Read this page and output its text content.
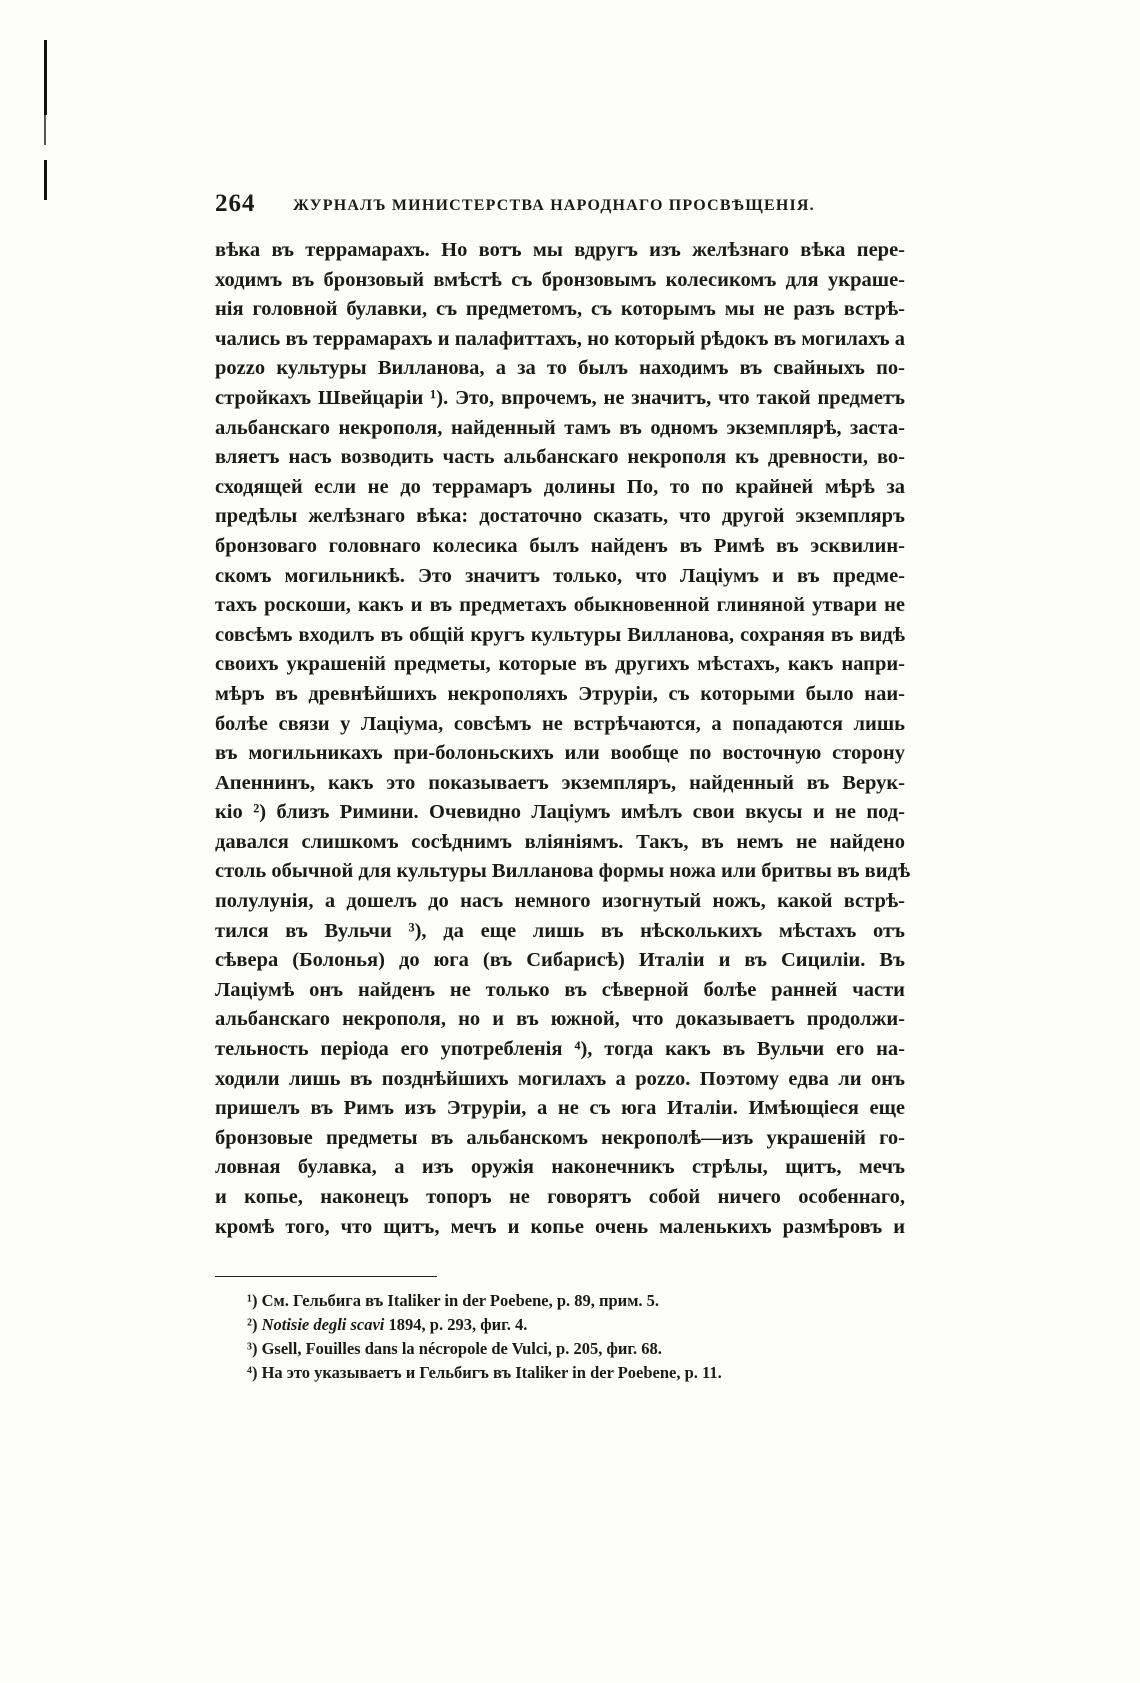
264 ЖУРНАЛЪ МИНИСТЕРСТВА НАРОДНАГО ПРОСВѢЩЕНІЯ.
вѣка въ террамарахъ. Но вотъ мы вдругъ изъ желѣзнаго вѣка пере-
ходимъ въ бронзовый вмѣстѣ съ бронзовымъ колесикомъ для украше-
нія головной булавки, съ предметомъ, съ которымъ мы не разъ встрѣ-
чались въ террамарахъ и палафиттахъ, но который рѣдокъ въ могилахъ а
pozzo культуры Вилланова, а за то былъ находимъ въ свайныхъ по-
стройкахъ Швейцаріи ¹). Это, впрочемъ, не значитъ, что такой предметъ
альбанскаго некрополя, найденный тамъ въ одномъ экземплярѣ, заста-
вляетъ насъ возводить часть альбанскаго некрополя къ древности, во-
сходящей если не до террамаръ долины По, то по крайней мѣрѣ за
предѣлы желѣзнаго вѣка: достаточно сказать, что другой экземпляръ
бронзоваго головнаго колесика былъ найденъ въ Римѣ въ эсквилин-
скомъ могильникѣ. Это значитъ только, что Лаціумъ и въ предме-
тахъ роскоши, какъ и въ предметахъ обыкновенной глиняной утвари не
совсѣмъ входилъ въ общій кругъ культуры Вилланова, сохраняя въ видѣ
своихъ украшеній предметы, которые въ другихъ мѣстахъ, какъ напри-
мѣръ въ древнѣйшихъ некрополяхъ Этруріи, съ которыми было наи-
болѣе связи у Лаціума, совсѣмъ не встрѣчаются, а попадаются лишь
въ могильникахъ при-болоньскихъ или вообще по восточную сторону
Апеннинъ, какъ это показываетъ экземпляръ, найденный въ Верук-
кіо ²) близъ Римини. Очевидно Лаціумъ имѣлъ свои вкусы и не под-
давался слишкомъ сосѣднимъ вліяніямъ. Такъ, въ немъ не найдено
столь обычной для культуры Вилланова формы ножа или бритвы въ видѣ
полулунія, а дошелъ до насъ немного изогнутый ножъ, какой встрѣ-
тился въ Вульчи ³), да еще лишь въ нѣсколькихъ мѣстахъ отъ
сѣвера (Болонья) до юга (въ Сибарисѣ) Италіи и въ Сициліи. Въ
Лаціумѣ онъ найденъ не только въ сѣверной болѣе ранней части
альбанскаго некрополя, но и въ южной, что доказываетъ продолжи-
тельность періода его употребленія ⁴), тогда какъ въ Вульчи его на-
ходили лишь въ позднѣйшихъ могилахъ а pozzo. Поэтому едва ли онъ
пришелъ въ Римъ изъ Этруріи, а не съ юга Италіи. Имѣющіеся еще
бронзовые предметы въ альбанскомъ некрополѣ—изъ украшеній го-
ловная булавка, а изъ оружія наконечникъ стрѣлы, щитъ, мечъ
и копье, наконецъ топоръ не говорятъ собой ничего особеннаго,
кромѣ того, что щитъ, мечъ и копье очень маленькихъ размѣровъ и
¹) См. Гельбига въ Italiker in der Poebene, p. 89, прим. 5.
²) Notisie degli scavi 1894, p. 293, фиг. 4.
³) Gsell, Fouilles dans la nécropole de Vulci, p. 205, фиг. 68.
⁴) На это указываетъ и Гельбигъ въ Italiker in der Poebene, p. 11.
